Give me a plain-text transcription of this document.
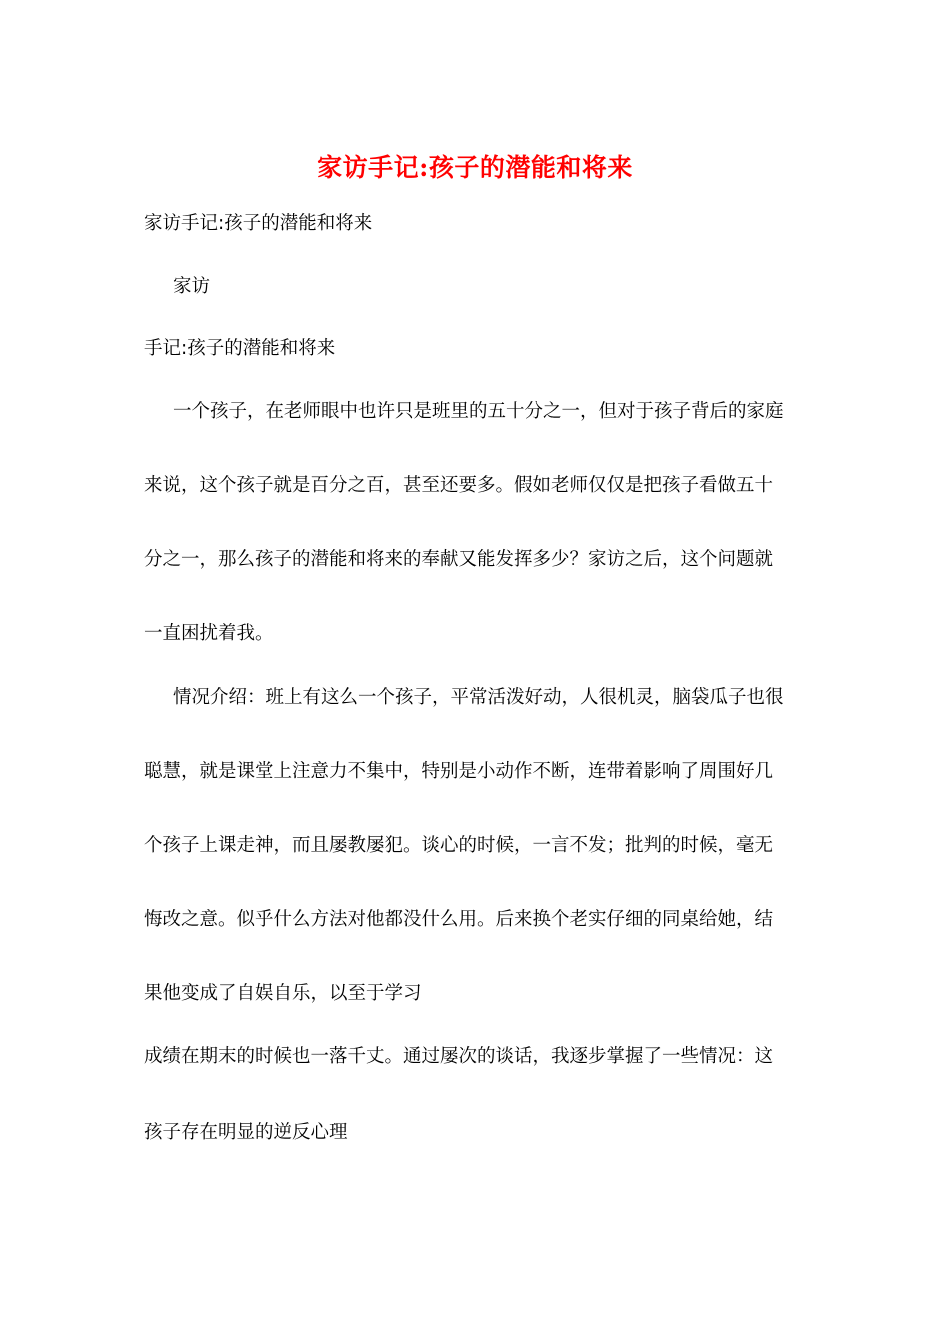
家访手记:孩子的潜能和将来
家访手记:孩子的潜能和将来
家访
手记:孩子的潜能和将来
一个孩子，在老师眼中也许只是班里的五十分之一，但对于孩子背后的家庭
来说，这个孩子就是百分之百，甚至还要多。假如老师仅仅是把孩子看做五十
分之一，那么孩子的潜能和将来的奉献又能发挥多少？家访之后，这个问题就
一直困扰着我。
情况介绍：班上有这么一个孩子，平常活泼好动，人很机灵，脑袋瓜子也很
聪慧，就是课堂上注意力不集中，特别是小动作不断，连带着影响了周围好几
个孩子上课走神，而且屡教屡犯。谈心的时候，一言不发；批判的时候，毫无
悔改之意。似乎什么方法对他都没什么用。后来换个老实仔细的同桌给她，结
果他变成了自娱自乐，以至于学习
成绩在期末的时候也一落千丈。通过屡次的谈话，我逐步掌握了一些情况：这
孩子存在明显的逆反心理
